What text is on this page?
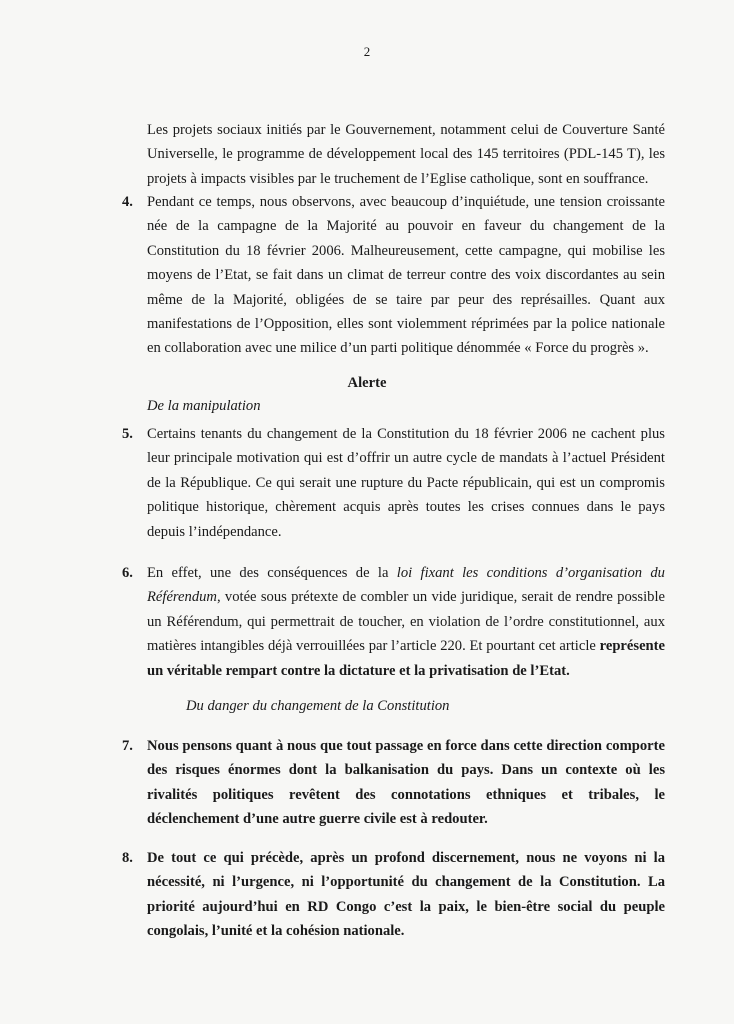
2

Les projets sociaux initiés par le Gouvernement, notamment celui de Couverture Santé

Universelle, le programme de développement local des 145 territoires (PDL-145 T), les

projets à impacts visibles par le truchement de l’Eglise catholique, sont en souffrance.

4. Pendant ce temps, nous observons, avec beaucoup d’inquiétude, une tension croissante

née de la campagne de la Majorité au pouvoir en faveur du changement de la

Constitution du 18 février 2006. Malheureusement, cette campagne, qui mobilise les

moyens de l’Etat, se fait dans un climat de terreur contre des voix discordantes au sein

même de la Majorité, obligées de se taire par peur des représailles. Quant aux

manifestations de l’Opposition, elles sont violemment réprimées par la police nationale

en collaboration avec une milice d’un parti politique dénommée « Force du progrès ».

Alerte
De la manipulation
5. Certains tenants du changement de la Constitution du 18 février 2006 ne cachent plus

leur principale motivation qui est d’offrir un autre cycle de mandats à l’actuel Président

de la République. Ce qui serait une rupture du Pacte républicain, qui est un compromis

politique historique, chèrement acquis après toutes les crises connues dans le pays

depuis l’indépendance.

6. En effet, une des conséquences de la loi fixant les conditions d’organisation du

Référendum, votée sous prétexte de combler un vide juridique, serait de rendre possible

un Référendum, qui permettrait de toucher, en violation de l’ordre constitutionnel, aux

matières intangibles déjà verrouillées par l’article 220. Et pourtant cet article représente

un véritable rempart contre la dictature et la privatisation de l’Etat.

Du danger du changement de la Constitution
7. Nous pensons quant à nous que tout passage en force dans cette direction comporte

des risques énormes dont la balkanisation du pays. Dans un contexte où les

rivalités politiques revêtent des connotations ethniques et tribales, le

déclenchement d’une autre guerre civile est à redouter.

8. De tout ce qui précède, après un profond discernement, nous ne voyons ni la

nécessité, ni l’urgence, ni l’opportunité du changement de la Constitution. La

priorité aujourd’hui en RD Congo c’est la paix, le bien-être social du peuple

congolais, l’unité et la cohésion nationale.
